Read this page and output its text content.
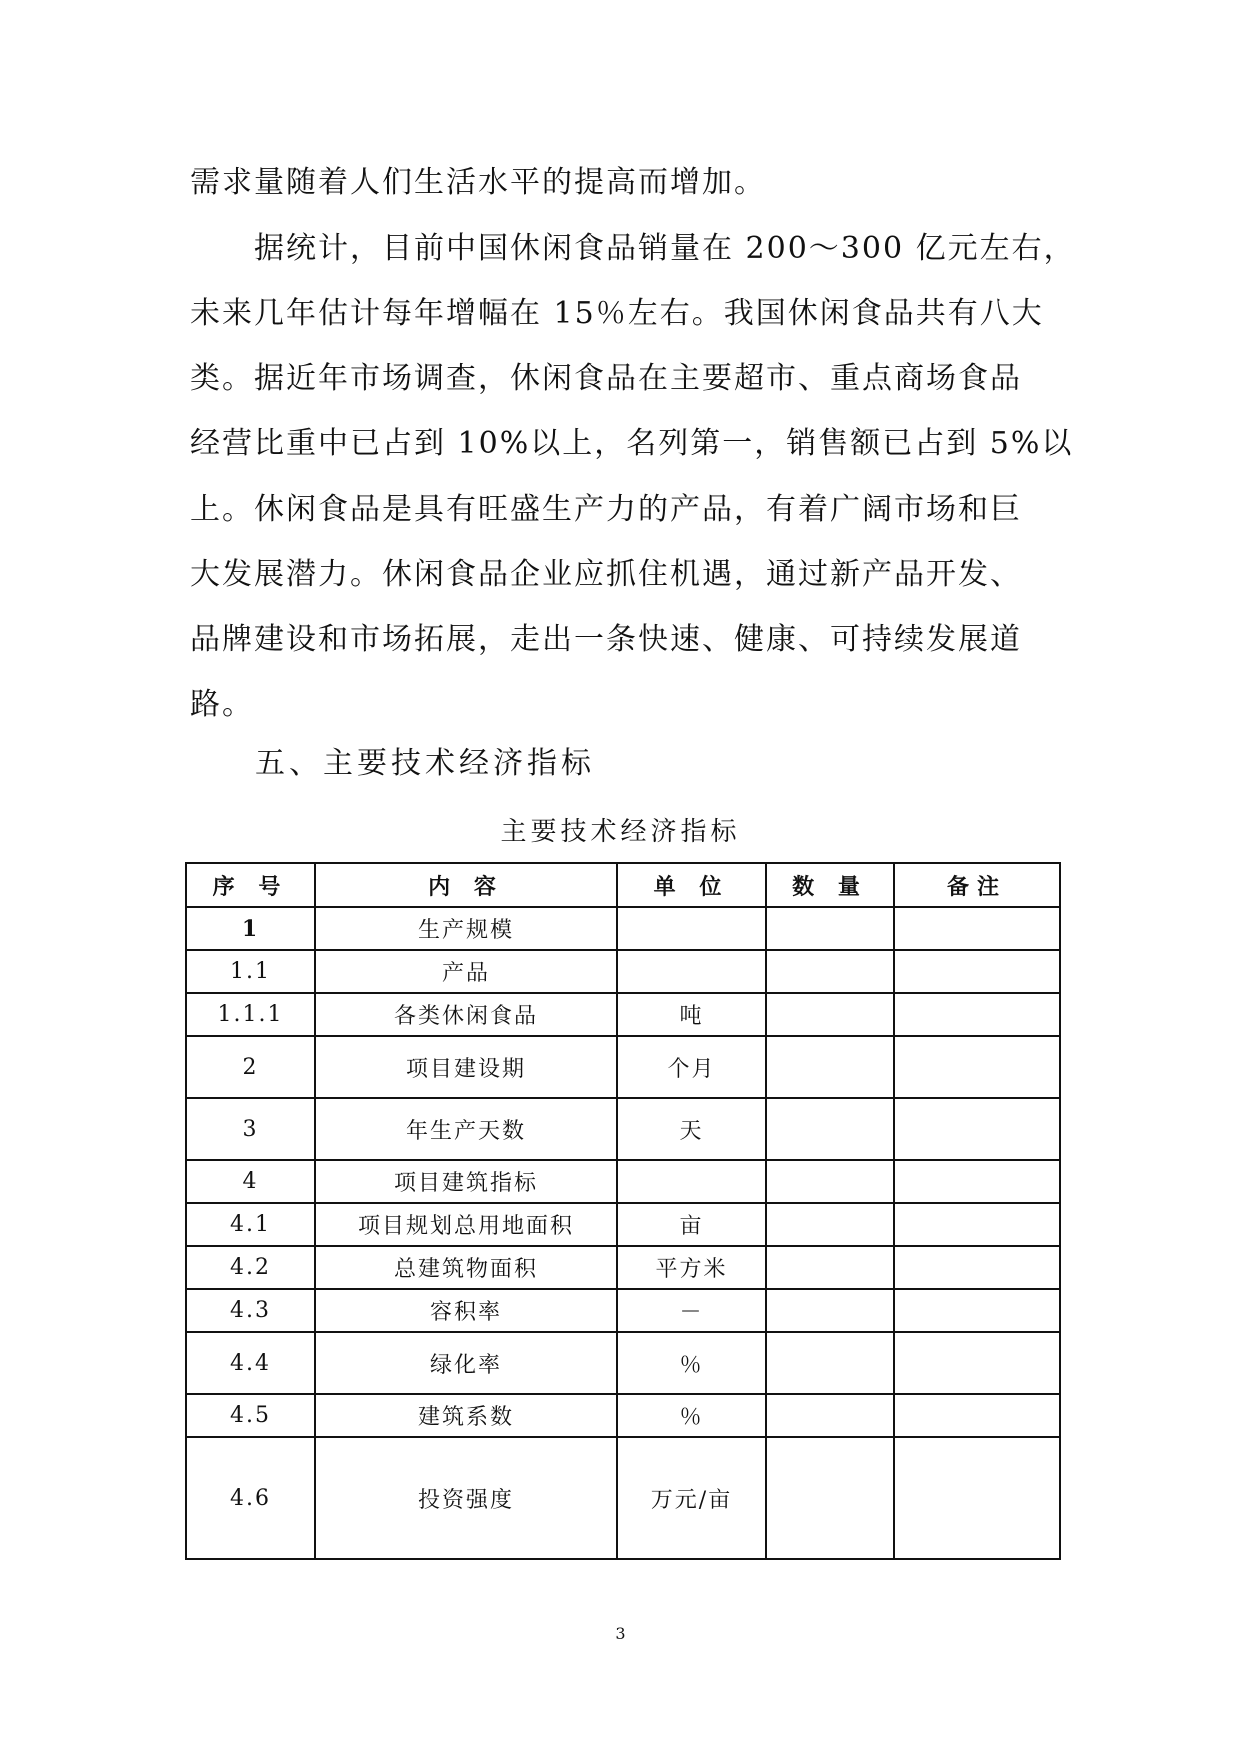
需求量随着人们生活水平的提高而增加。
　　据统计，目前中国休闲食品销量在 200～300 亿元左右，
未来几年估计每年增幅在 15％左右。我国休闲食品共有八大
类。据近年市场调查，休闲食品在主要超市、重点商场食品
经营比重中已占到 10%以上，名列第一，销售额已占到 5%以
上。休闲食品是具有旺盛生产力的产品，有着广阔市场和巨
大发展潜力。休闲食品企业应抓住机遇，通过新产品开发、
品牌建设和市场拓展，走出一条快速、健康、可持续发展道
路。
五、主要技术经济指标
主要技术经济指标
序 号	内 容	单 位	数 量	备注
1	生产规模			
1.1	产品			
1.1.1	各类休闲食品	吨		
2	项目建设期	个月		
3	年生产天数	天		
4	项目建筑指标			
4.1	项目规划总用地面积	亩		
4.2	总建筑物面积	平方米		
4.3	容积率	－		
4.4	绿化率	％		
4.5	建筑系数	％		
4.6	投资强度	万元/亩		
3
